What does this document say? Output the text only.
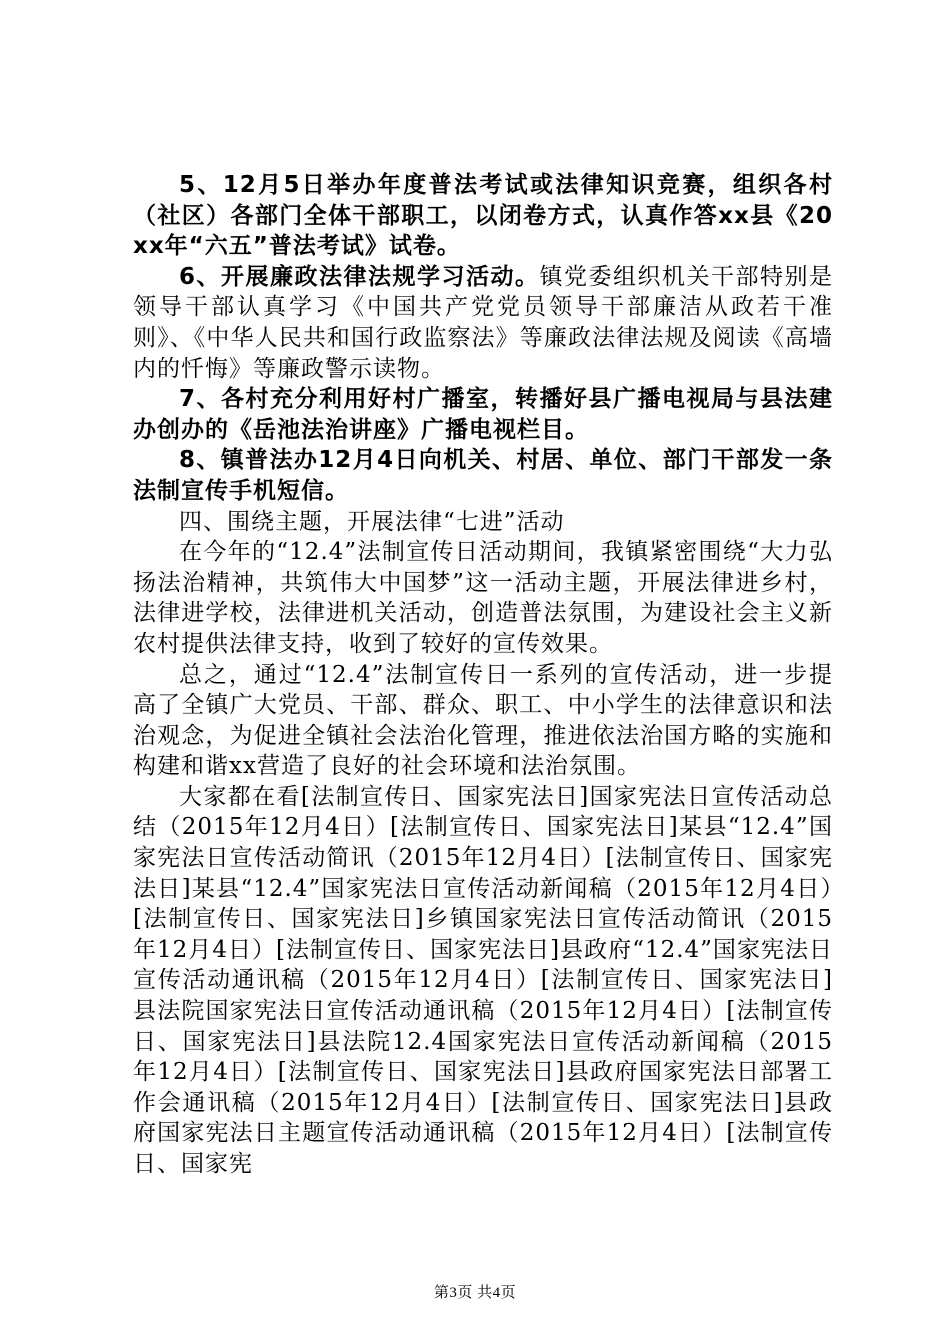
5、12月5日举办年度普法考试或法律知识竞赛，组织各村（社区）各部门全体干部职工，以闭卷方式，认真作答xx县《20xx年“六五”普法考试》试卷。

6、开展廉政法律法规学习活动。镇党委组织机关干部特别是领导干部认真学习《中国共产党党员领导干部廉洁从政若干准则》、《中华人民共和国行政监察法》等廉政法律法规及阅读《高墙内的忏悔》等廉政警示读物。

7、各村充分利用好村广播室，转播好县广播电视局与县法建办创办的《岳池法治讲座》广播电视栏目。

8、镇普法办12月4日向机关、村居、单位、部门干部发一条法制宣传手机短信。

四、围绕主题，开展法律“七进”活动

在今年的“12.4”法制宣传日活动期间，我镇紧密围绕“大力弘扬法治精神，共筑伟大中国梦”这一活动主题，开展法律进乡村，法律进学校，法律进机关活动，创造普法氛围，为建设社会主义新农村提供法律支持，收到了较好的宣传效果。

总之，通过“12.4”法制宣传日一系列的宣传活动，进一步提高了全镇广大党员、干部、群众、职工、中小学生的法律意识和法治观念，为促进全镇社会法治化管理，推进依法治国方略的实施和构建和谐xx营造了良好的社会环境和法治氛围。

大家都在看[法制宣传日、国家宪法日]国家宪法日宣传活动总结（2015年12月4日）[法制宣传日、国家宪法日]某县“12.4”国家宪法日宣传活动简讯（2015年12月4日）[法制宣传日、国家宪法日]某县“12.4”国家宪法日宣传活动新闻稿（2015年12月4日）[法制宣传日、国家宪法日]乡镇国家宪法日宣传活动简讯（2015年12月4日）[法制宣传日、国家宪法日]县政府“12.4”国家宪法日宣传活动通讯稿（2015年12月4日）[法制宣传日、国家宪法日]县法院国家宪法日宣传活动通讯稿（2015年12月4日）[法制宣传日、国家宪法日]县法院12.4国家宪法日宣传活动新闻稿（2015年12月4日）[法制宣传日、国家宪法日]县政府国家宪法日部署工作会通讯稿（2015年12月4日）[法制宣传日、国家宪法日]县政府国家宪法日主题宣传活动通讯稿（2015年12月4日）[法制宣传日、国家宪

第3页 共4页
